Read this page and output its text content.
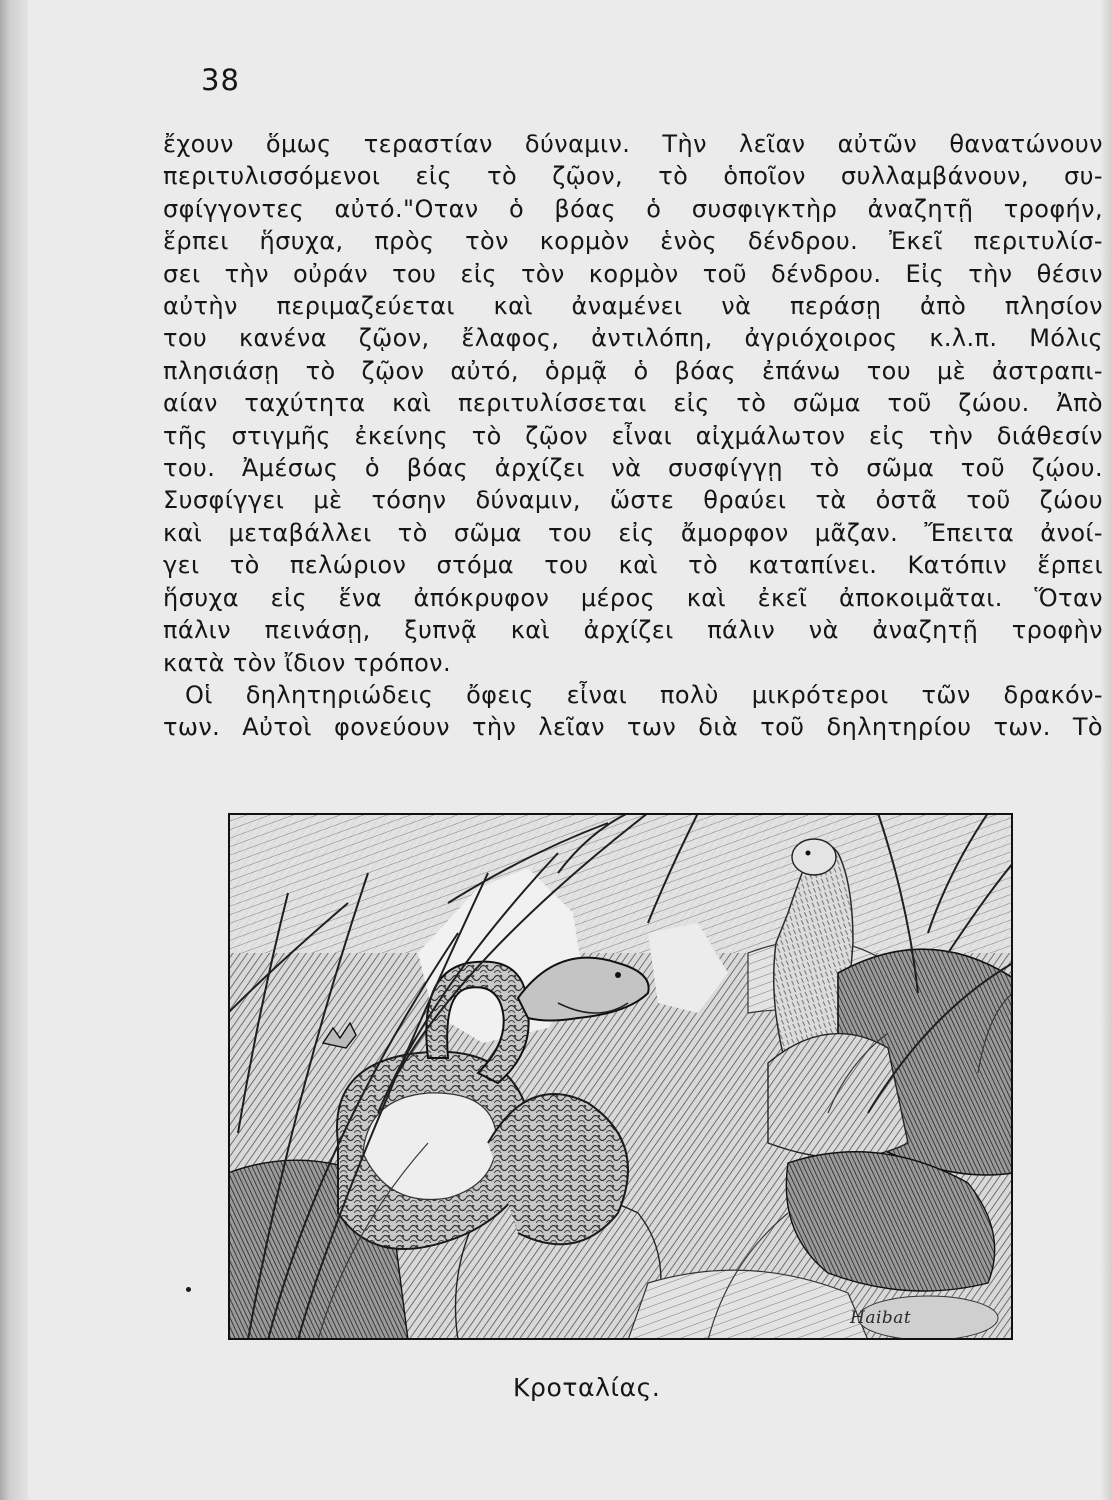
38

ἔχουν ὅμως τεραστίαν δύναμιν. Τὴν λεῖαν αὐτῶν θανατώνουν

περιτυλισσόμενοι εἰς τὸ ζῷον, τὸ ὁποῖον συλλαμβάνουν, συ-

σφίγγοντες αὐτό."Οταν ὁ βόας ὁ συσφιγκτὴρ ἀναζητῇ τροφήν,

ἕρπει ἥσυχα, πρὸς τὸν κορμὸν ἑνὸς δένδρου. Ἐκεῖ περιτυλίσ-

σει τὴν οὐράν του εἰς τὸν κορμὸν τοῦ δένδρου. Εἰς τὴν θέσιν

αὐτὴν περιμαζεύεται καὶ ἀναμένει νὰ περάσῃ ἀπὸ πλησίον

του κανένα ζῷον, ἔλαφος, ἀντιλόπη, ἀγριόχοιρος κ.λ.π. Μόλις

πλησιάσῃ τὸ ζῷον αὐτό, ὁρμᾷ ὁ βόας ἐπάνω του μὲ ἀστραπι-

αίαν ταχύτητα καὶ περιτυλίσσεται εἰς τὸ σῶμα τοῦ ζώου. Ἀπὸ

τῆς στιγμῆς ἐκείνης τὸ ζῷον εἶναι αἰχμάλωτον εἰς τὴν διάθεσίν

του. Ἀμέσως ὁ βόας ἀρχίζει νὰ συσφίγγῃ τὸ σῶμα τοῦ ζῴου.

Συσφίγγει μὲ τόσην δύναμιν, ὥστε θραύει τὰ ὀστᾶ τοῦ ζώου

καὶ μεταβάλλει τὸ σῶμα του εἰς ἄμορφον μᾶζαν. Ἔπειτα ἀνοί-

γει τὸ πελώριον στόμα του καὶ τὸ καταπίνει. Κατόπιν ἕρπει

ἥσυχα εἰς ἕνα ἀπόκρυφον μέρος καὶ ἐκεῖ ἀποκοιμᾶται. Ὅταν

πάλιν πεινάσῃ, ξυπνᾷ καὶ ἀρχίζει πάλιν νὰ ἀναζητῇ τροφὴν

κατὰ τὸν ἴδιον τρόπον.

Οἱ δηλητηριώδεις ὄφεις εἶναι πολὺ μικρότεροι τῶν δρακόν-

των. Αὐτοὶ φονεύουν τὴν λεῖαν των διὰ τοῦ δηλητηρίου των. Τὸ

Haibat
Κροταλίας.
